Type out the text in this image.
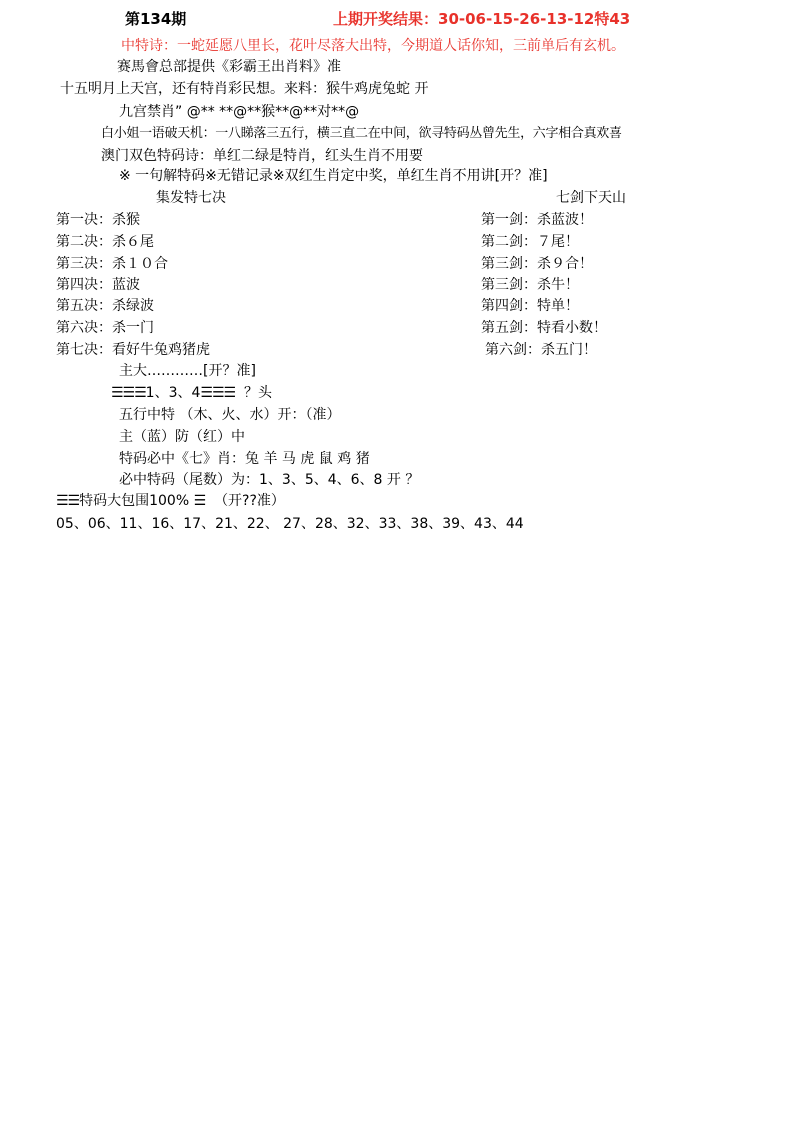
第134期	上期开奖结果：30-06-15-26-13-12特43
中特诗：一蛇延愿八里长，花叶尽落大出特，今期道人话你知，三前单后有玄机。
赛馬會总部提供《彩霸王出肖料》准
十五明月上天宫，还有特肖彩民想。来料：猴牛鸡虎兔蛇 开
九宫禁肖” @** **@**猴**@**对**@
白小姐一语破天机：一八睇落三五行，横三直二在中间，欲寻特码丛曾先生，六字相合真欢喜
澳门双色特码诗：单红二绿是特肖，红头生肖不用要
※ 一句解特码※无错记录※双红生肖定中奖，单红生肖不用讲[开？准]
集发特七决	七剑下天山
第一决：杀猴
第二决：杀６尾
第三决：杀１０合
第四决：蓝波
第五决：杀绿波
第六决：杀一门
第七决：看好牛兔鸡猪虎
第一剑：杀蓝波！
第二剑：７尾！
第三剑：杀９合！
第三剑：杀牛！
第四剑：特单！
第五剑：特看小数！
第六剑：杀五门！
主大…………[开？准]
☰☰☰1、3、4☰☰☰ ？头
五行中特 （木、火、水）开：（准）
主（蓝）防（红）中
特码必中《七》肖：兔 羊 马 虎 鼠 鸡 猪
必中特码（尾数）为：1、3、5、4、6、8 开 ？
☰☰特码大包围100% ☰ （开??准）
05、06、11、16、17、21、22、 27、28、32、33、38、39、43、44
